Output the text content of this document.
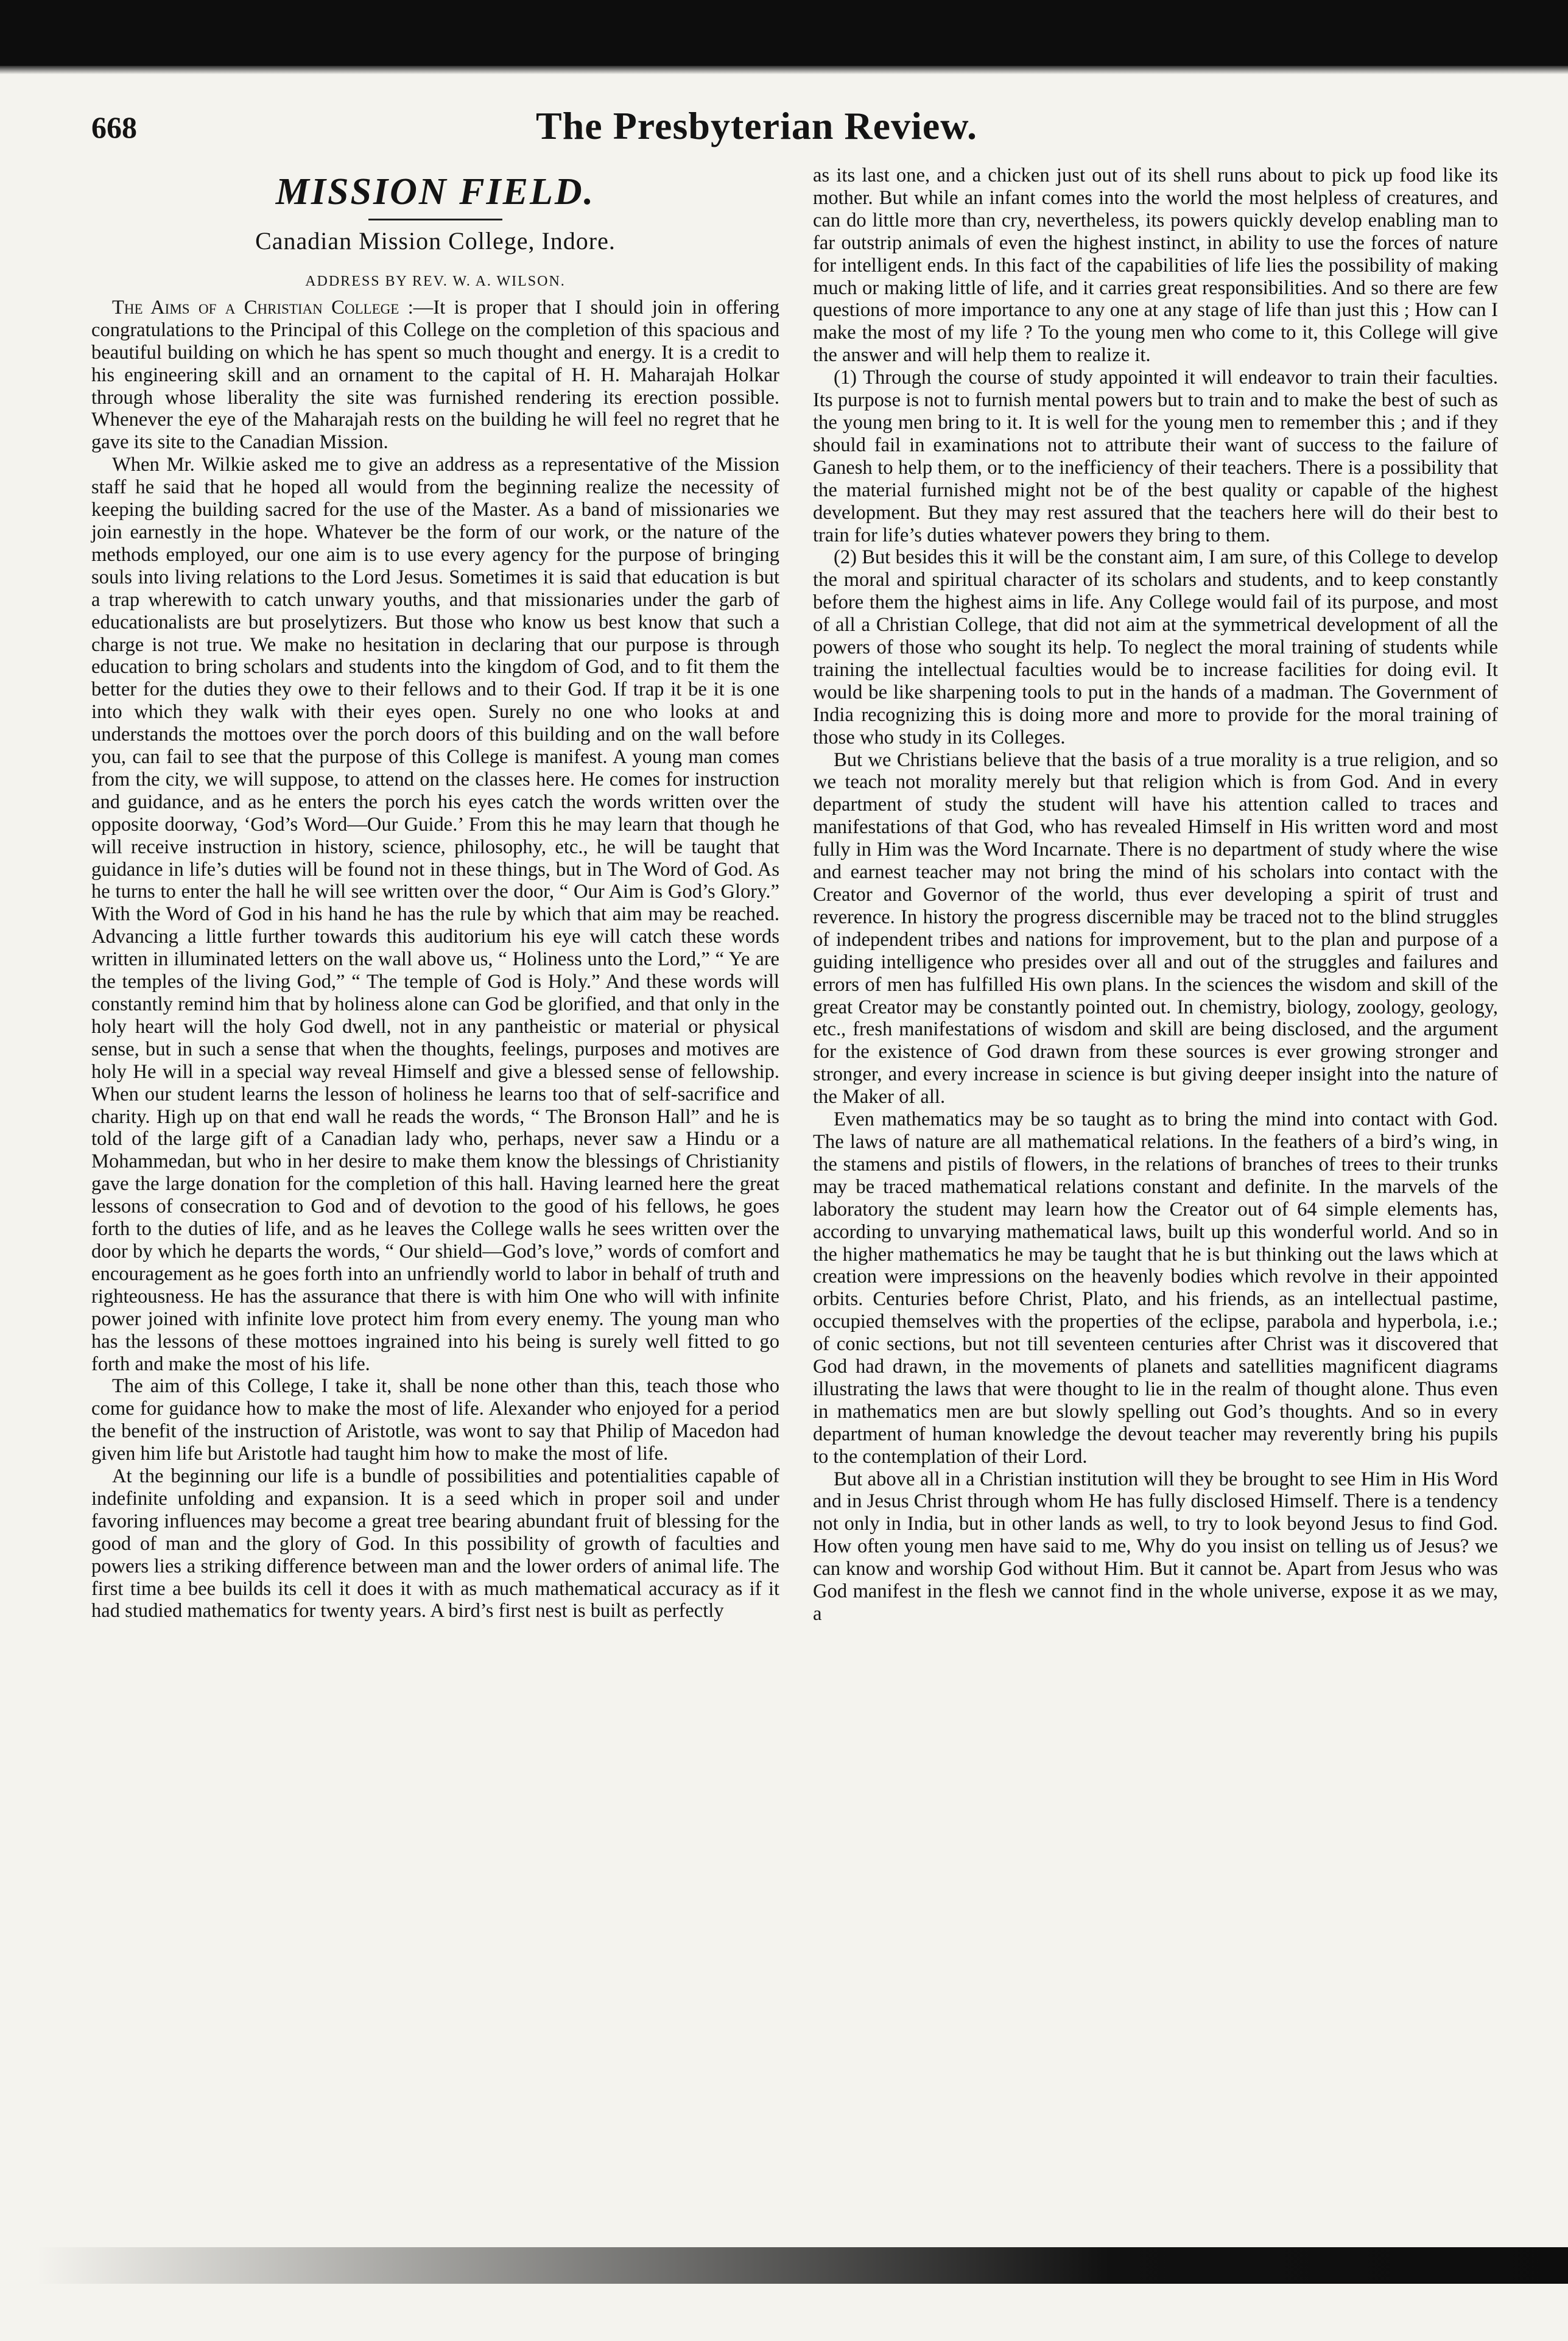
668	The Presbyterian Review.
MISSION FIELD.
Canadian Mission College, Indore.
ADDRESS BY REV. W. A. WILSON.

The Aims of a Christian College :—It is proper that I should join in offering congratulations to the Principal of this College on the completion of this spacious and beautiful building on which he has spent so much thought and energy. It is a credit to his engineering skill and an ornament to the capital of H. H. Maharajah Holkar through whose liberality the site was furnished rendering its erection possible. Whenever the eye of the Maharajah rests on the building he will feel no regret that he gave its site to the Canadian Mission.

When Mr. Wilkie asked me to give an address as a representative of the Mission staff he said that he hoped all would from the beginning realize the necessity of keeping the building sacred for the use of the Master. As a band of missionaries we join earnestly in the hope. Whatever be the form of our work, or the nature of the methods employed, our one aim is to use every agency for the purpose of bringing souls into living relations to the Lord Jesus. Sometimes it is said that education is but a trap wherewith to catch unwary youths, and that missionaries under the garb of educationalists are but proselytizers. But those who know us best know that such a charge is not true. We make no hesitation in declaring that our purpose is through education to bring scholars and students into the kingdom of God, and to fit them the better for the duties they owe to their fellows and to their God. If trap it be it is one into which they walk with their eyes open. Surely no one who looks at and understands the mottoes over the porch doors of this building and on the wall before you, can fail to see that the purpose of this College is manifest. A young man comes from the city, we will suppose, to attend on the classes here. He comes for instruction and guidance, and as he enters the porch his eyes catch the words written over the opposite doorway, ‘God’s Word—Our Guide.’ From this he may learn that though he will receive instruction in history, science, philosophy, etc., he will be taught that guidance in life’s duties will be found not in these things, but in The Word of God. As he turns to enter the hall he will see written over the door, “ Our Aim is God’s Glory.” With the Word of God in his hand he has the rule by which that aim may be reached. Advancing a little further towards this auditorium his eye will catch these words written in illuminated letters on the wall above us, “ Holiness unto the Lord,” “ Ye are the temples of the living God,” “ The temple of God is Holy.” And these words will constantly remind him that by holiness alone can God be glorified, and that only in the holy heart will the holy God dwell, not in any pantheistic or material or physical sense, but in such a sense that when the thoughts, feelings, purposes and motives are holy He will in a special way reveal Himself and give a blessed sense of fellowship. When our student learns the lesson of holiness he learns too that of self-sacrifice and charity. High up on that end wall he reads the words, “ The Bronson Hall” and he is told of the large gift of a Canadian lady who, perhaps, never saw a Hindu or a Mohammedan, but who in her desire to make them know the blessings of Christianity gave the large donation for the completion of this hall. Having learned here the great lessons of consecration to God and of devotion to the good of his fellows, he goes forth to the duties of life, and as he leaves the College walls he sees written over the door by which he departs the words, “ Our shield—God’s love,” words of comfort and encouragement as he goes forth into an unfriendly world to labor in behalf of truth and righteousness. He has the assurance that there is with him One who will with infinite power joined with infinite love protect him from every enemy. The young man who has the lessons of these mottoes ingrained into his being is surely well fitted to go forth and make the most of his life.

The aim of this College, I take it, shall be none other than this, teach those who come for guidance how to make the most of life. Alexander who enjoyed for a period the benefit of the instruction of Aristotle, was wont to say that Philip of Macedon had given him life but Aristotle had taught him how to make the most of life.

At the beginning our life is a bundle of possibilities and potentialities capable of indefinite unfolding and expansion. It is a seed which in proper soil and under favoring influences may become a great tree bearing abundant fruit of blessing for the good of man and the glory of God. In this possibility of growth of faculties and powers lies a striking difference between man and the lower orders of animal life. The first time a bee builds its cell it does it with as much mathematical accuracy as if it had studied mathematics for twenty years. A bird’s first nest is built as perfectly

as its last one, and a chicken just out of its shell runs about to pick up food like its mother. But while an infant comes into the world the most helpless of creatures, and can do little more than cry, nevertheless, its powers quickly develop enabling man to far outstrip animals of even the highest instinct, in ability to use the forces of nature for intelligent ends. In this fact of the capabilities of life lies the possibility of making much or making little of life, and it carries great responsibilities. And so there are few questions of more importance to any one at any stage of life than just this ; How can I make the most of my life ? To the young men who come to it, this College will give the answer and will help them to realize it.

(1) Through the course of study appointed it will endeavor to train their faculties. Its purpose is not to furnish mental powers but to train and to make the best of such as the young men bring to it. It is well for the young men to remember this ; and if they should fail in examinations not to attribute their want of success to the failure of Ganesh to help them, or to the inefficiency of their teachers. There is a possibility that the material furnished might not be of the best quality or capable of the highest development. But they may rest assured that the teachers here will do their best to train for life’s duties whatever powers they bring to them.

(2) But besides this it will be the constant aim, I am sure, of this College to develop the moral and spiritual character of its scholars and students, and to keep constantly before them the highest aims in life. Any College would fail of its purpose, and most of all a Christian College, that did not aim at the symmetrical development of all the powers of those who sought its help. To neglect the moral training of students while training the intellectual faculties would be to increase facilities for doing evil. It would be like sharpening tools to put in the hands of a madman. The Government of India recognizing this is doing more and more to provide for the moral training of those who study in its Colleges.

But we Christians believe that the basis of a true morality is a true religion, and so we teach not morality merely but that religion which is from God. And in every department of study the student will have his attention called to traces and manifestations of that God, who has revealed Himself in His written word and most fully in Him was the Word Incarnate. There is no department of study where the wise and earnest teacher may not bring the mind of his scholars into contact with the Creator and Governor of the world, thus ever developing a spirit of trust and reverence. In history the progress discernible may be traced not to the blind struggles of independent tribes and nations for improvement, but to the plan and purpose of a guiding intelligence who presides over all and out of the struggles and failures and errors of men has fulfilled His own plans. In the sciences the wisdom and skill of the great Creator may be constantly pointed out. In chemistry, biology, zoology, geology, etc., fresh manifestations of wisdom and skill are being disclosed, and the argument for the existence of God drawn from these sources is ever growing stronger and stronger, and every increase in science is but giving deeper insight into the nature of the Maker of all.

Even mathematics may be so taught as to bring the mind into contact with God. The laws of nature are all mathematical relations. In the feathers of a bird’s wing, in the stamens and pistils of flowers, in the relations of branches of trees to their trunks may be traced mathematical relations constant and definite. In the marvels of the laboratory the student may learn how the Creator out of 64 simple elements has, according to unvarying mathematical laws, built up this wonderful world. And so in the higher mathematics he may be taught that he is but thinking out the laws which at creation were impressions on the heavenly bodies which revolve in their appointed orbits. Centuries before Christ, Plato, and his friends, as an intellectual pastime, occupied themselves with the properties of the eclipse, parabola and hyperbola, i.e.; of conic sections, but not till seventeen centuries after Christ was it discovered that God had drawn, in the movements of planets and satellities magnificent diagrams illustrating the laws that were thought to lie in the realm of thought alone. Thus even in mathematics men are but slowly spelling out God’s thoughts. And so in every department of human knowledge the devout teacher may reverently bring his pupils to the contemplation of their Lord.

But above all in a Christian institution will they be brought to see Him in His Word and in Jesus Christ through whom He has fully disclosed Himself. There is a tendency not only in India, but in other lands as well, to try to look beyond Jesus to find God. How often young men have said to me, Why do you insist on telling us of Jesus? we can know and worship God without Him. But it cannot be. Apart from Jesus who was God manifest in the flesh we cannot find in the whole universe, expose it as we may, a
